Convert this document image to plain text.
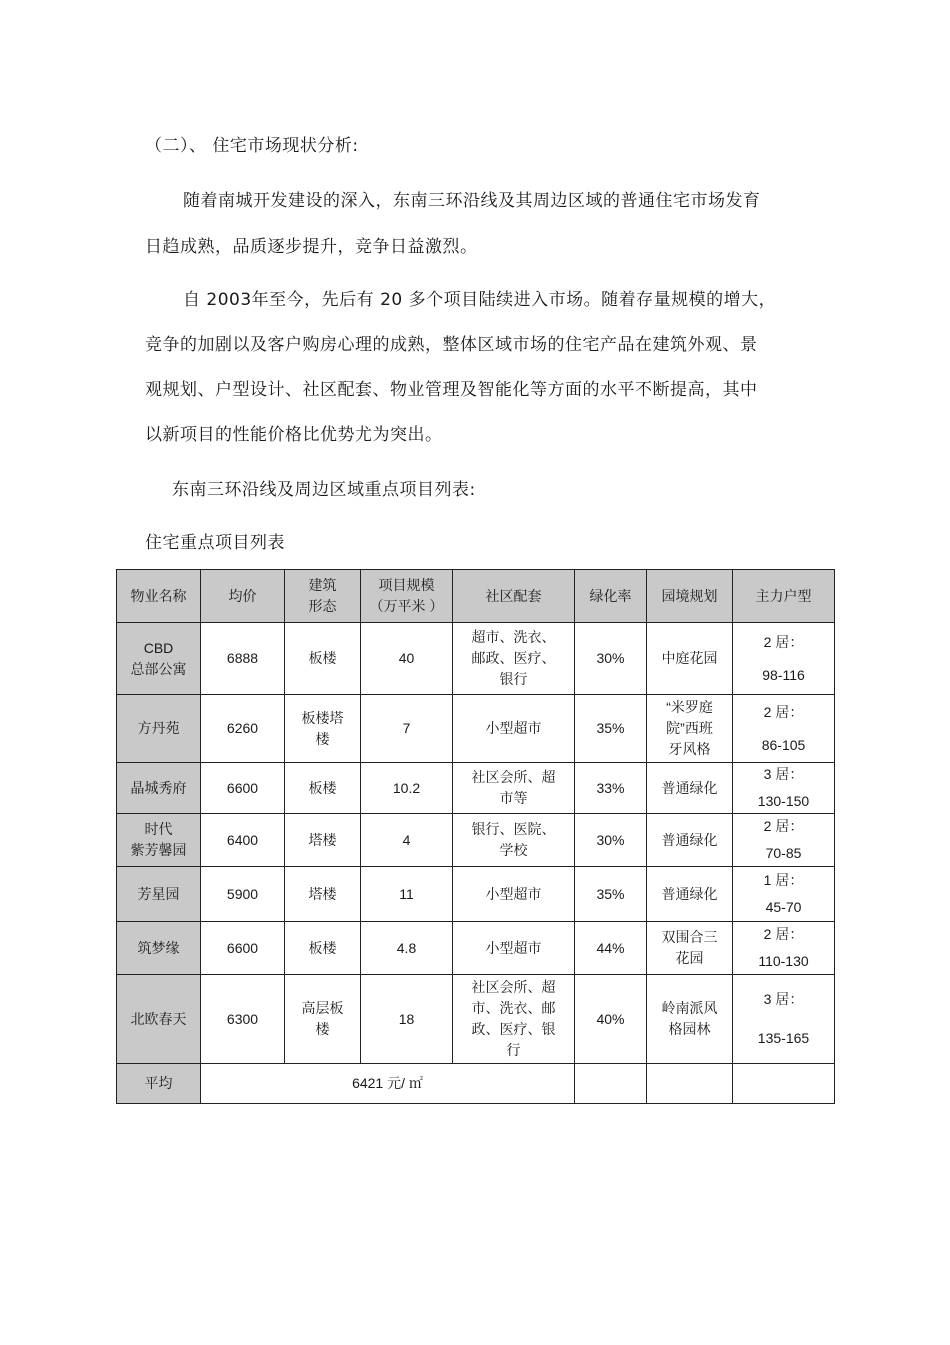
（二）、 住宅市场现状分析:
随着南城开发建设的深入，东南三环沿线及其周边区域的普通住宅市场发育
日趋成熟，品质逐步提升，竞争日益激烈。
自 2003年至今，先后有 20 多个项目陆续进入市场。随着存量规模的增大，
竞争的加剧以及客户购房心理的成熟，整体区域市场的住宅产品在建筑外观、景
观规划、户型设计、社区配套、物业管理及智能化等方面的水平不断提高，其中
以新项目的性能价格比优势尤为突出。
东南三环沿线及周边区域重点项目列表:
住宅重点项目列表
物业名称	均价	建筑
形态	项目规模
（万平米 ）	社区配套	绿化率	园境规划	主力户型
CBD
总部公寓	6888	板楼	40	超市、洗衣、
邮政、医疗、
银行	30%	中庭花园	2 居：
98-116

方丹苑	6260	板楼塔
楼	7	小型超市	35%	“米罗庭
院”西班
牙风格	2 居：
86-105

晶城秀府	6600	板楼	10.2	社区会所、超
市等	33%	普通绿化	3 居：
130-150

时代
紫芳馨园	6400	塔楼	4	银行、医院、
学校	30%	普通绿化	2 居：
70-85

芳星园	5900	塔楼	11	小型超市	35%	普通绿化	1 居：
45-70

筑梦缘	6600	板楼	4.8	小型超市	44%	双围合三
花园	2 居：
110-130

北欧春天	6300	高层板
楼	18	社区会所、超
市、洗衣、邮
政、医疗、银
行	40%	岭南派风
格园林	3 居：
135-165

平均	6421 元/ ㎡						
